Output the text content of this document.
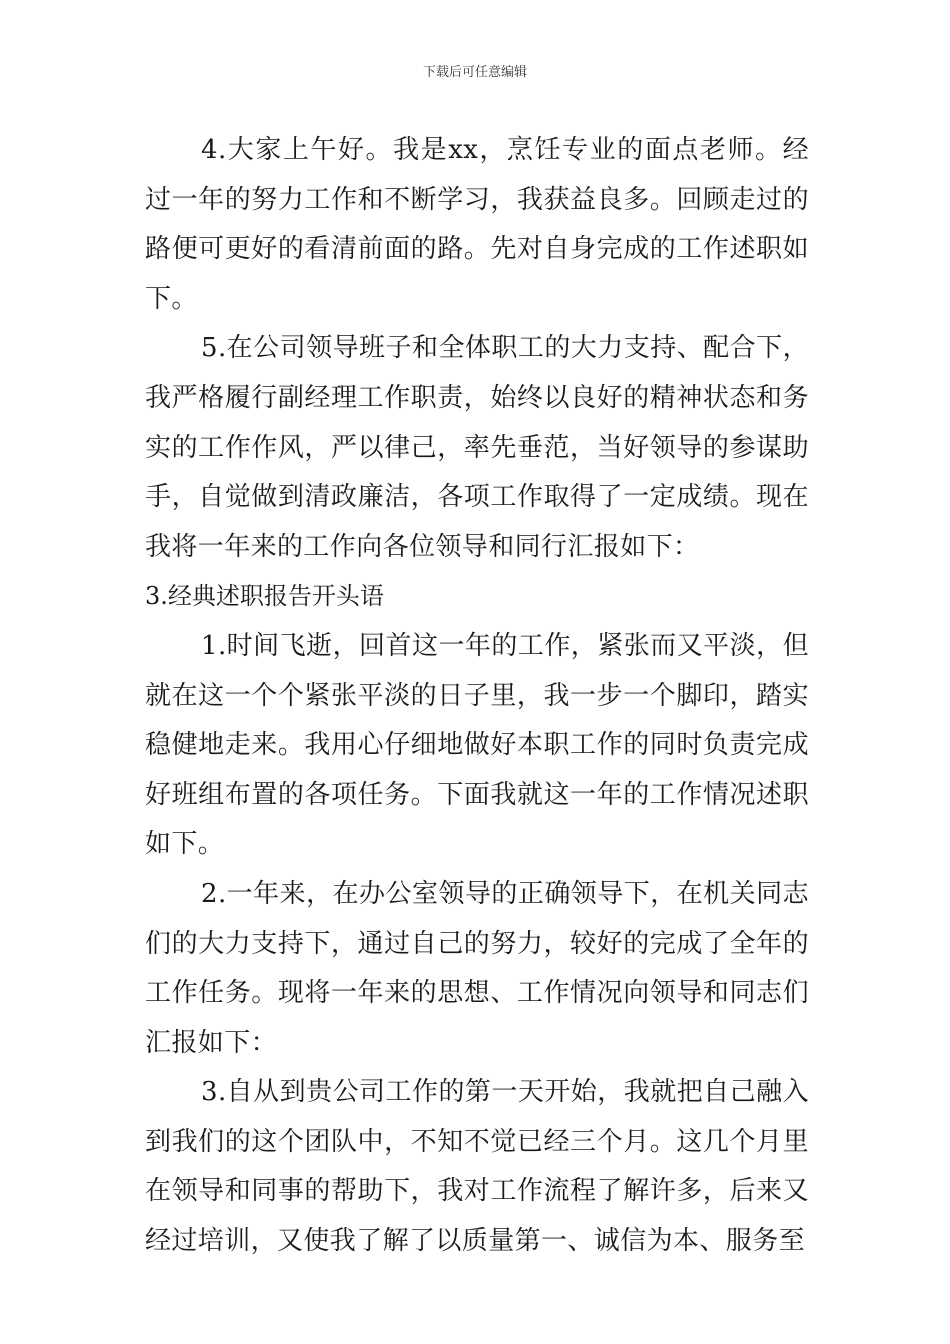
下载后可任意编辑

4.大家上午好。我是xx，烹饪专业的面点老师。经过一年的努力工作和不断学习，我获益良多。回顾走过的路便可更好的看清前面的路。先对自身完成的工作述职如下。

5.在公司领导班子和全体职工的大力支持、配合下，我严格履行副经理工作职责，始终以良好的精神状态和务实的工作作风，严以律己，率先垂范，当好领导的参谋助手，自觉做到清政廉洁，各项工作取得了一定成绩。现在我将一年来的工作向各位领导和同行汇报如下：

3.经典述职报告开头语

1.时间飞逝，回首这一年的工作，紧张而又平淡，但就在这一个个紧张平淡的日子里，我一步一个脚印，踏实稳健地走来。我用心仔细地做好本职工作的同时负责完成好班组布置的各项任务。下面我就这一年的工作情况述职如下。

2.一年来，在办公室领导的正确领导下，在机关同志们的大力支持下，通过自己的努力，较好的完成了全年的工作任务。现将一年来的思想、工作情况向领导和同志们汇报如下：

3.自从到贵公司工作的第一天开始，我就把自己融入到我们的这个团队中，不知不觉已经三个月。这几个月里在领导和同事的帮助下，我对工作流程了解许多，后来又经过培训，又使我了解了以质量第一、诚信为本、服务至
